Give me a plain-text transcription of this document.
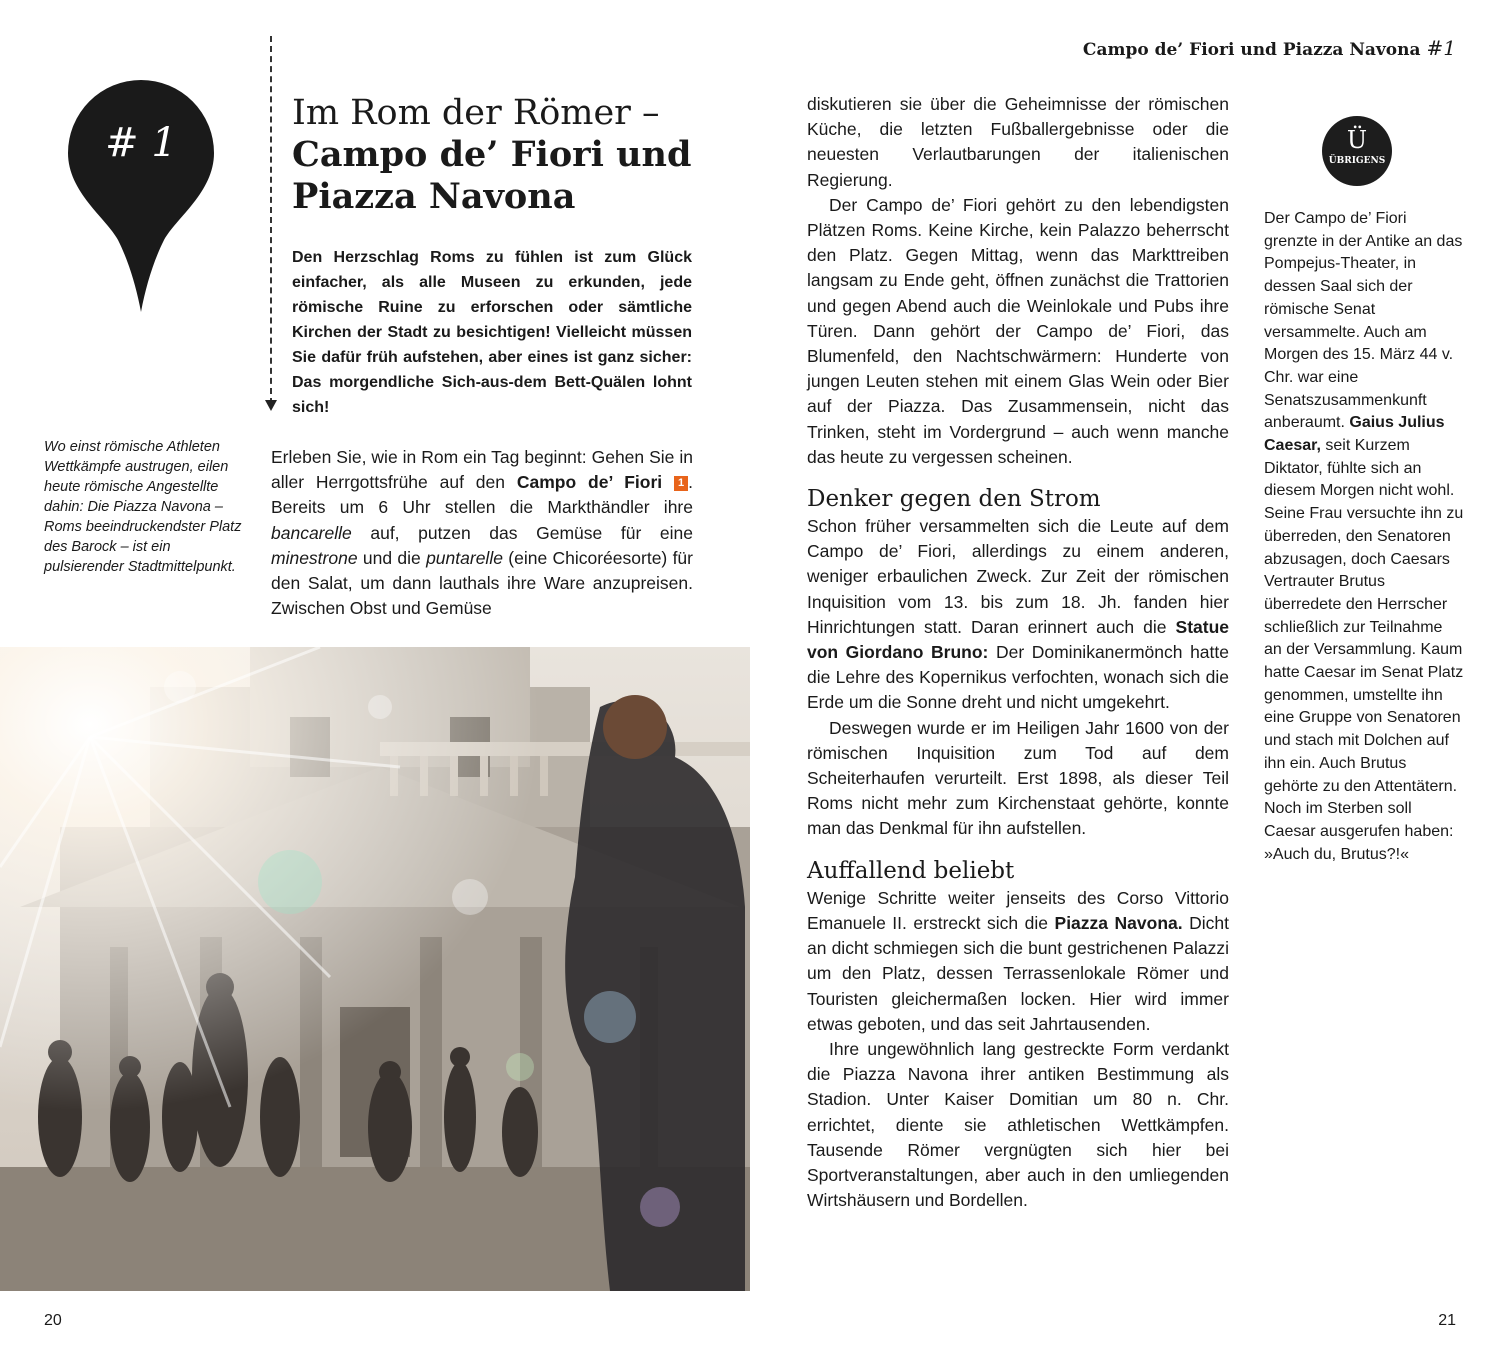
Campo de’ Fiori und Piazza Navona #1
# 1
Im Rom der Römer –
Campo de’ Fiori und Piazza Navona
Den Herzschlag Roms zu fühlen ist zum Glück einfacher, als alle Museen zu erkunden, jede römische Ruine zu erforschen oder sämtliche Kirchen der Stadt zu besichtigen! Vielleicht müssen Sie dafür früh aufstehen, aber eines ist ganz sicher: Das morgendliche Sich-aus-dem Bett-Quälen lohnt sich!
Wo einst römische Athleten Wettkämpfe austrugen, eilen heute römische Angestellte dahin: Die Piazza Navona – Roms beeindruckendster Platz des Barock – ist ein pulsierender Stadtmittelpunkt.

Erleben Sie, wie in Rom ein Tag beginnt: Gehen Sie in aller Herrgottsfrühe auf den Campo de’ Fiori 1 . Bereits um 6 Uhr stellen die Markthändler ihre bancarelle auf, putzen das Gemüse für eine minestrone und die puntarelle (eine Chicoréesorte) für den Salat, um dann lauthals ihre Ware anzupreisen. Zwischen Obst und Gemüse

diskutieren sie über die Geheimnisse der römischen Küche, die letzten Fußballergebnisse oder die neuesten Verlautbarungen der italienischen Regierung.

Der Campo de’ Fiori gehört zu den lebendigsten Plätzen Roms. Keine Kirche, kein Palazzo beherrscht den Platz. Gegen Mittag, wenn das Markttreiben langsam zu Ende geht, öffnen zunächst die Trattorien und gegen Abend auch die Weinlokale und Pubs ihre Türen. Dann gehört der Campo de’ Fiori, das Blumenfeld, den Nachtschwärmern: Hunderte von jungen Leuten stehen mit einem Glas Wein oder Bier auf der Piazza. Das Zusammensein, nicht das Trinken, steht im Vordergrund – auch wenn manche das heute zu vergessen scheinen.

Denker gegen den Strom

Schon früher versammelten sich die Leute auf dem Campo de’ Fiori, allerdings zu einem anderen, weniger erbaulichen Zweck. Zur Zeit der römischen Inquisition vom 13. bis zum 18. Jh. fanden hier Hinrichtungen statt. Daran erinnert auch die Statue von Giordano Bruno: Der Dominikanermönch hatte die Lehre des Kopernikus verfochten, wonach sich die Erde um die Sonne dreht und nicht umgekehrt.

Deswegen wurde er im Heiligen Jahr 1600 von der römischen Inquisition zum Tod auf dem Scheiterhaufen verurteilt. Erst 1898, als dieser Teil Roms nicht mehr zum Kirchenstaat gehörte, konnte man das Denkmal für ihn aufstellen.

Auffallend beliebt

Wenige Schritte weiter jenseits des Corso Vittorio Emanuele II. erstreckt sich die Piazza Navona. Dicht an dicht schmiegen sich die bunt gestrichenen Palazzi um den Platz, dessen Terrassenlokale Römer und Touristen gleichermaßen locken. Hier wird immer etwas geboten, und das seit Jahrtausenden.

Ihre ungewöhnlich lang gestreckte Form verdankt die Piazza Navona ihrer antiken Bestimmung als Stadion. Unter Kaiser Domitian um 80 n. Chr. errichtet, diente sie athletischen Wettkämpfen. Tausende Römer vergnügten sich hier bei Sportveranstaltungen, aber auch in den umliegenden Wirtshäusern und Bordellen.

Ü
ÜBRIGENS
Der Campo de’ Fiori grenzte in der Antike an das Pompejus-Theater, in dessen Saal sich der römische Senat versammelte. Auch am Morgen des 15. März 44 v. Chr. war eine Senatszusammenkunft anberaumt. Gaius Julius Caesar, seit Kurzem Diktator, fühlte sich an diesem Morgen nicht wohl. Seine Frau versuchte ihn zu überreden, den Senatoren abzusagen, doch Caesars Vertrauter Brutus überredete den Herrscher schließlich zur Teilnahme an der Versammlung. Kaum hatte Caesar im Senat Platz genommen, umstellte ihn eine Gruppe von Senatoren und stach mit Dolchen auf ihn ein. Auch Brutus gehörte zu den Attentätern. Noch im Sterben soll Caesar ausgerufen haben: »Auch du, Brutus?!«
20	21
